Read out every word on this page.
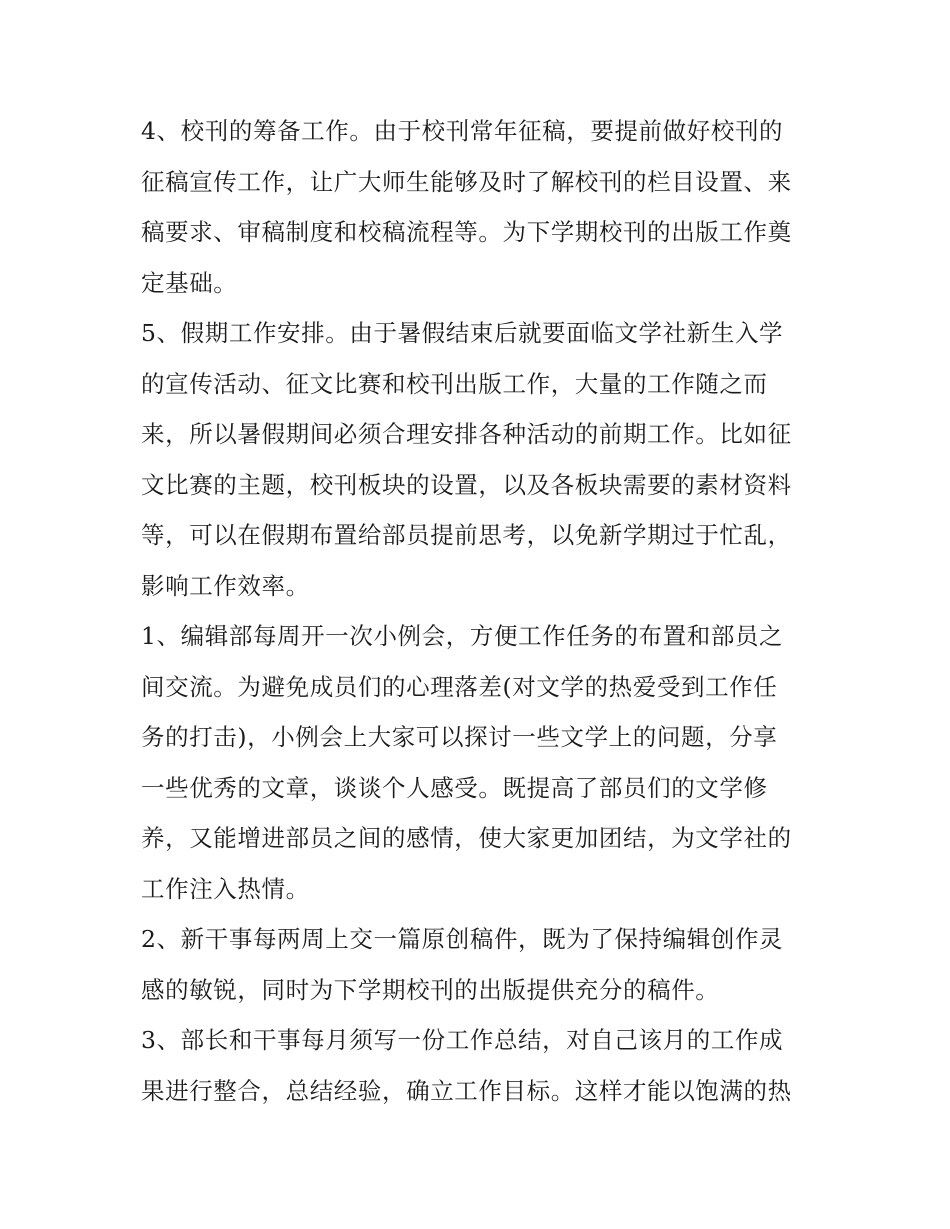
4、校刊的筹备工作。由于校刊常年征稿，要提前做好校刊的
征稿宣传工作，让广大师生能够及时了解校刊的栏目设置、来
稿要求、审稿制度和校稿流程等。为下学期校刊的出版工作奠
定基础。
5、假期工作安排。由于暑假结束后就要面临文学社新生入学
的宣传活动、征文比赛和校刊出版工作，大量的工作随之而
来，所以暑假期间必须合理安排各种活动的前期工作。比如征
文比赛的主题，校刊板块的设置，以及各板块需要的素材资料
等，可以在假期布置给部员提前思考，以免新学期过于忙乱，
影响工作效率。
1、编辑部每周开一次小例会，方便工作任务的布置和部员之
间交流。为避免成员们的心理落差(对文学的热爱受到工作任
务的打击)，小例会上大家可以探讨一些文学上的问题，分享
一些优秀的文章，谈谈个人感受。既提高了部员们的文学修
养，又能增进部员之间的感情，使大家更加团结，为文学社的
工作注入热情。
2、新干事每两周上交一篇原创稿件，既为了保持编辑创作灵
感的敏锐，同时为下学期校刊的出版提供充分的稿件。
3、部长和干事每月须写一份工作总结，对自己该月的工作成
果进行整合，总结经验，确立工作目标。这样才能以饱满的热
